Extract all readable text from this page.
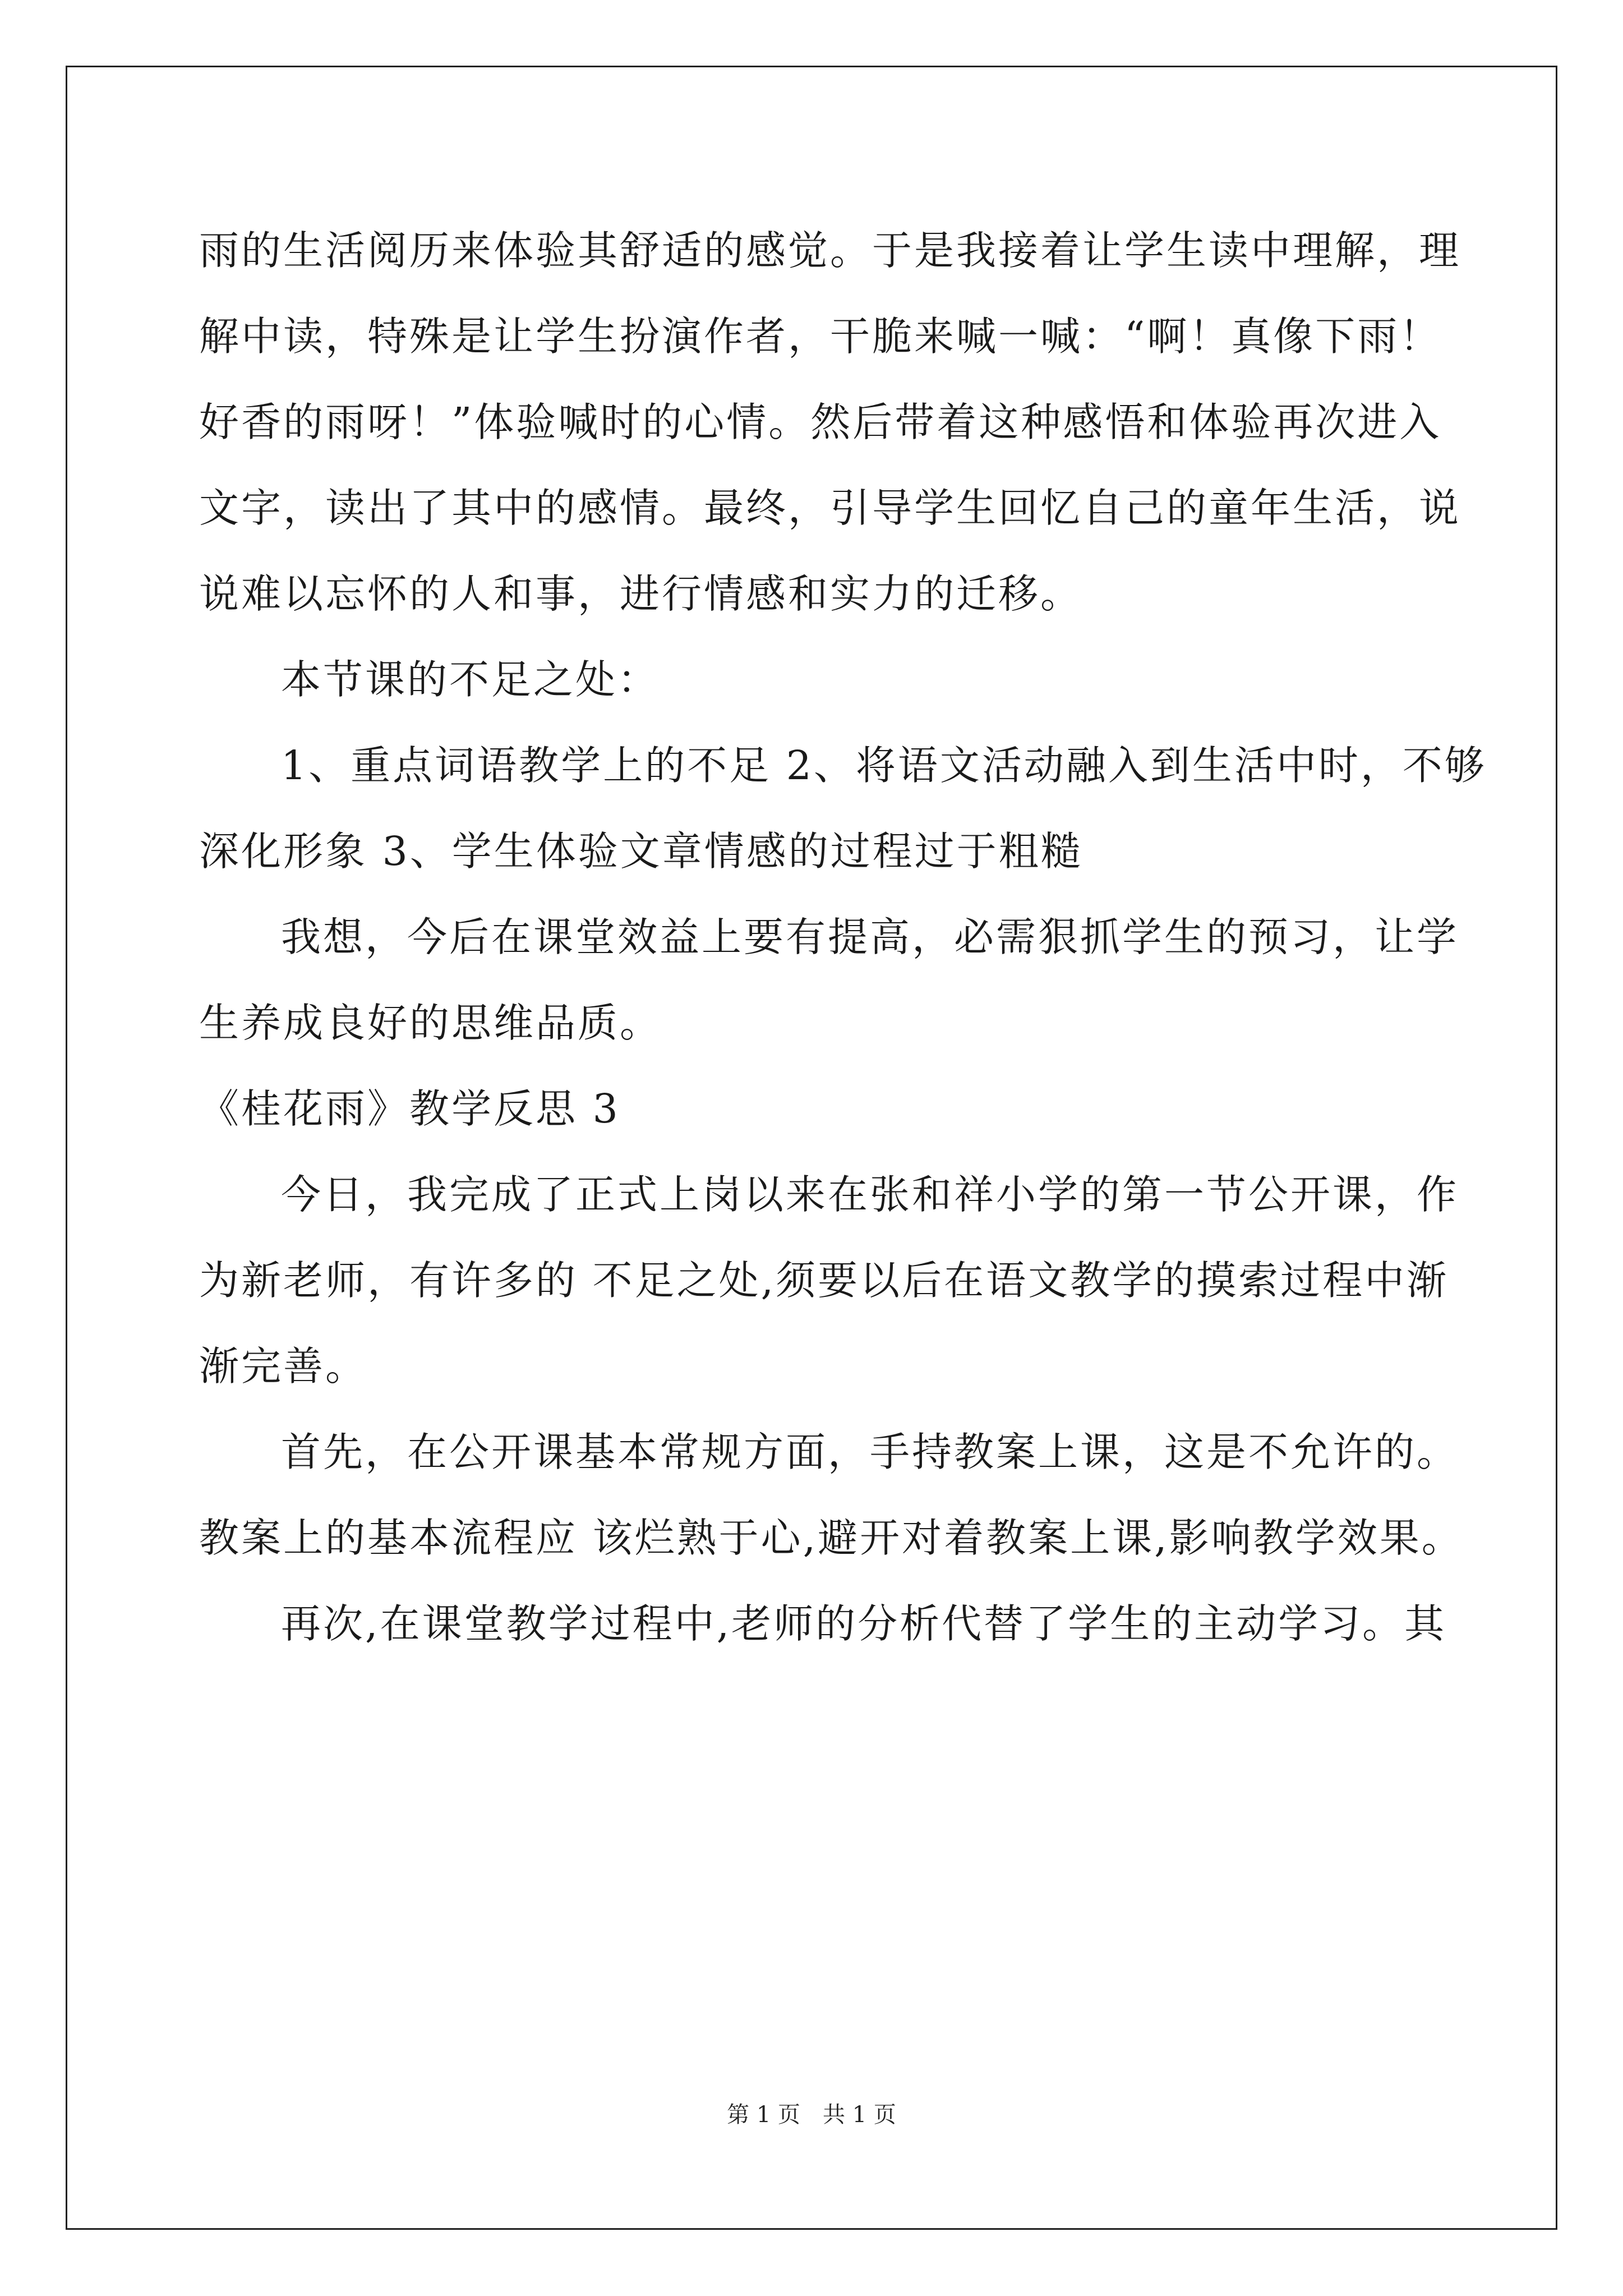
雨的生活阅历来体验其舒适的感觉。于是我接着让学生读中理解，理
解中读，特殊是让学生扮演作者，干脆来喊一喊：“啊！真像下雨！
好香的雨呀！”体验喊时的心情。然后带着这种感悟和体验再次进入
文字，读出了其中的感情。最终，引导学生回忆自己的童年生活，说
说难以忘怀的人和事，进行情感和实力的迁移。
本节课的不足之处：
1、重点词语教学上的不足 2、将语文活动融入到生活中时，不够
深化形象 3、学生体验文章情感的过程过于粗糙
我想，今后在课堂效益上要有提高，必需狠抓学生的预习，让学
生养成良好的思维品质。
《桂花雨》教学反思 3
今日，我完成了正式上岗以来在张和祥小学的第一节公开课，作
为新老师，有许多的 不足之处,须要以后在语文教学的摸索过程中渐
渐完善。
首先，在公开课基本常规方面，手持教案上课，这是不允许的。
教案上的基本流程应 该烂熟于心,避开对着教案上课,影响教学效果。
再次,在课堂教学过程中,老师的分析代替了学生的主动学习。其
第 1 页　共 1 页
